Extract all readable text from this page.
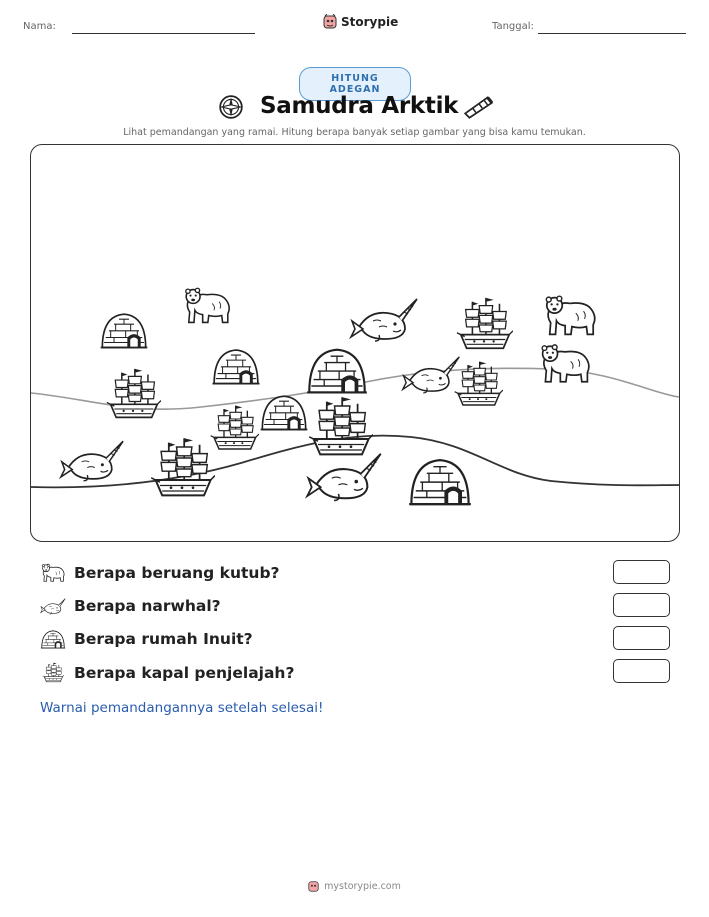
Nama:	Storypie	Tanggal:
HITUNG ADEGAN
Samudra Arktik
Lihat pemandangan yang ramai. Hitung berapa banyak setiap gambar yang bisa kamu temukan.
Berapa beruang kutub?
Berapa narwhal?
Berapa rumah Inuit?
Berapa kapal penjelajah?
Warnai pemandangannya setelah selesai!
mystorypie.com
